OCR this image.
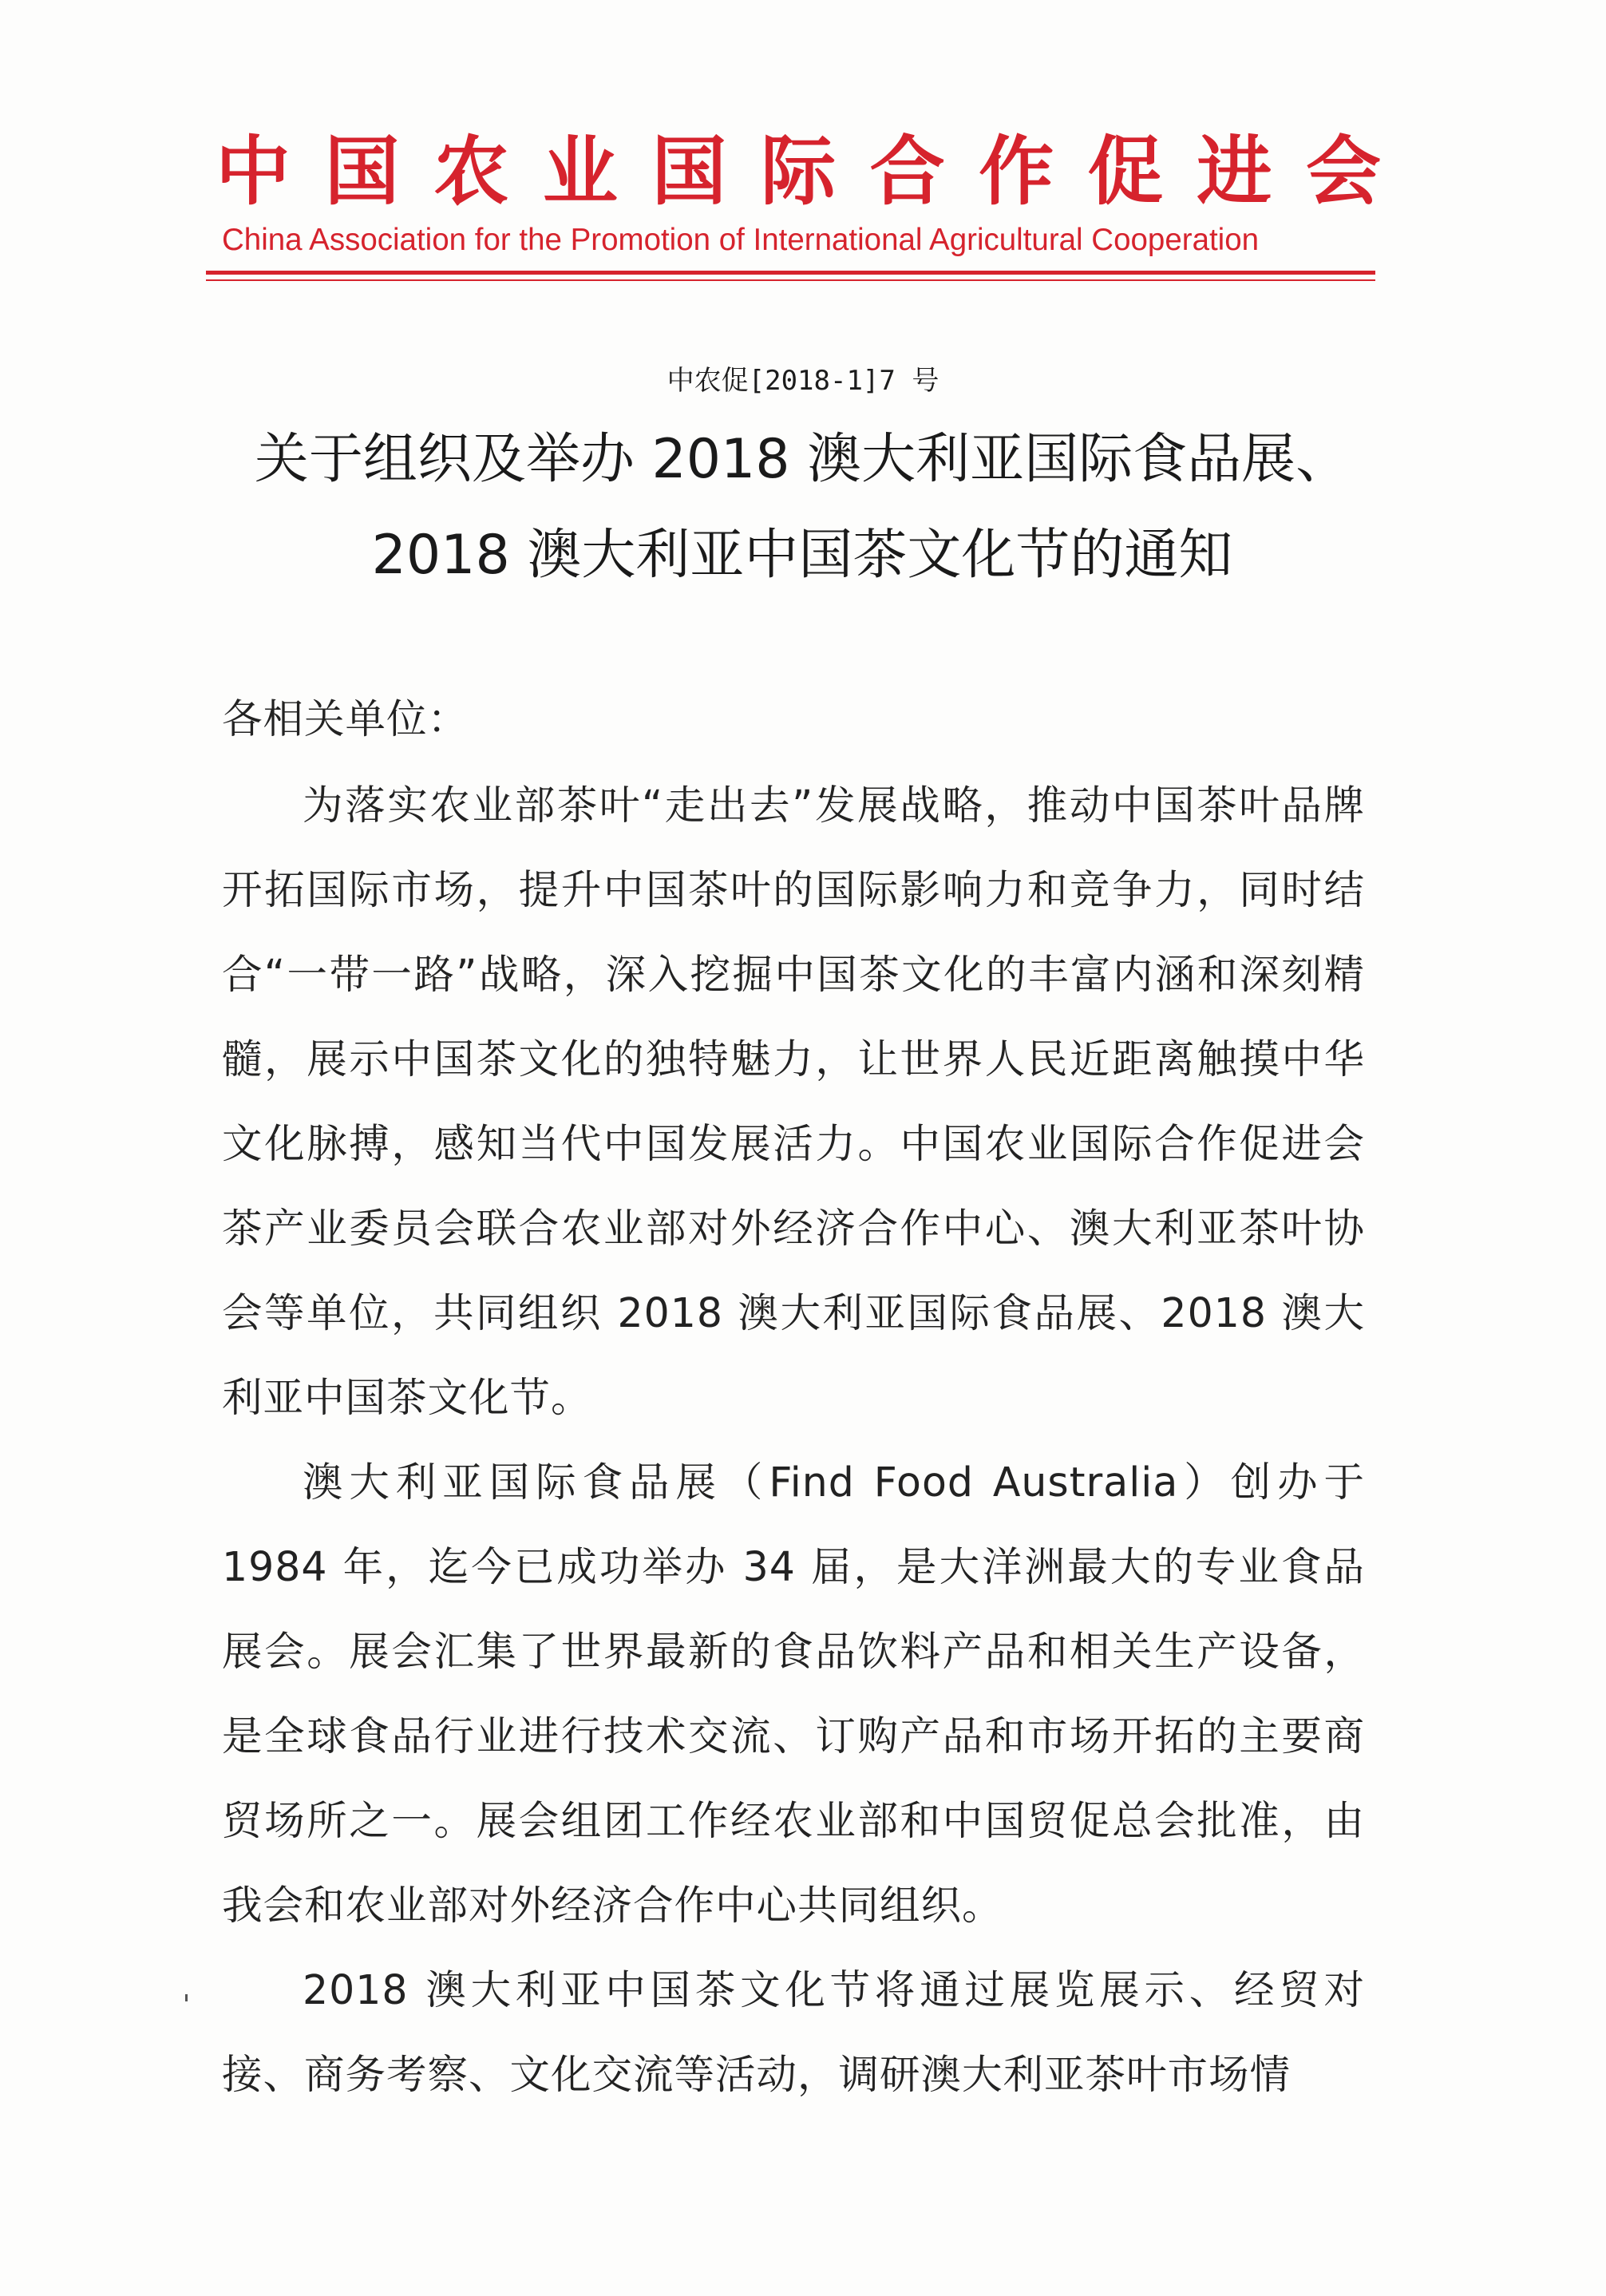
中国农业国际合作促进会
China Association for the Promotion of International Agricultural Cooperation
中农促[2018-1]7 号
关于组织及举办 2018 澳大利亚国际食品展、
2018 澳大利亚中国茶文化节的通知

各相关单位：

为落实农业部茶叶“走出去”发展战略，推动中国茶叶品牌开拓国际市场，提升中国茶叶的国际影响力和竞争力，同时结合“一带一路”战略，深入挖掘中国茶文化的丰富内涵和深刻精髓，展示中国茶文化的独特魅力，让世界人民近距离触摸中华文化脉搏，感知当代中国发展活力。中国农业国际合作促进会茶产业委员会联合农业部对外经济合作中心、澳大利亚茶叶协会等单位，共同组织 2018 澳大利亚国际食品展、2018 澳大利亚中国茶文化节。

澳大利亚国际食品展（Find Food Australia）创办于 1984 年，迄今已成功举办 34 届，是大洋洲最大的专业食品展会。展会汇集了世界最新的食品饮料产品和相关生产设备，是全球食品行业进行技术交流、订购产品和市场开拓的主要商贸场所之一。展会组团工作经农业部和中国贸促总会批准，由我会和农业部对外经济合作中心共同组织。

2018 澳大利亚中国茶文化节将通过展览展示、经贸对接、商务考察、文化交流等活动，调研澳大利亚茶叶市场情
